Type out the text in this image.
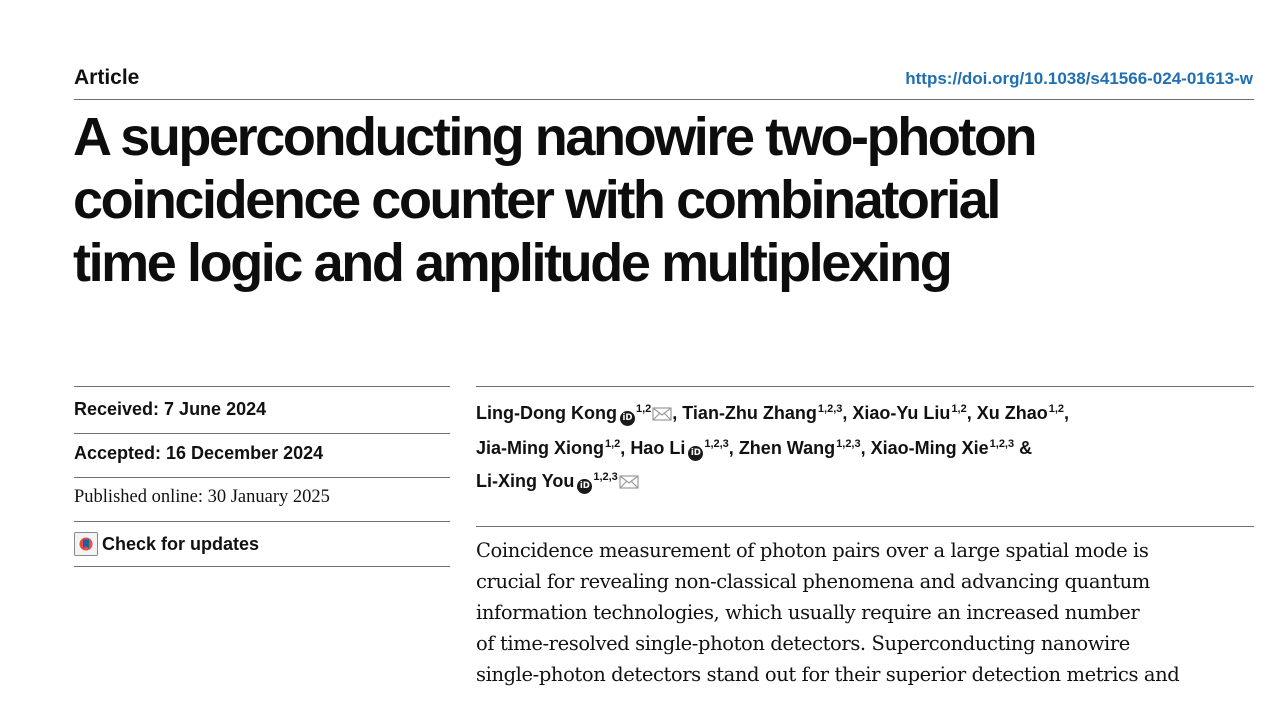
Article	https://doi.org/10.1038/s41566-024-01613-w
A superconducting nanowire two-photon
coincidence counter with combinatorial
time logic and amplitude multiplexing
Received: 7 June 2024
Accepted: 16 December 2024
Published online: 30 January 2025
Check for updates
Ling-Dong Kong iD$^{1,2}$ , Tian-Zhu Zhang$^{1,2,3}$, Xiao-Yu Liu$^{1,2}$, Xu Zhao$^{1,2}$,
Jia-Ming Xiong$^{1,2}$, Hao Li iD$^{1,2,3}$, Zhen Wang$^{1,2,3}$, Xiao-Ming Xie$^{1,2,3}$ &
Li-Xing You iD$^{1,2,3}$
Coincidence measurement of photon pairs over a large spatial mode is
crucial for revealing non-classical phenomena and advancing quantum
information technologies, which usually require an increased number
of time-resolved single-photon detectors. Superconducting nanowire
single-photon detectors stand out for their superior detection metrics and
